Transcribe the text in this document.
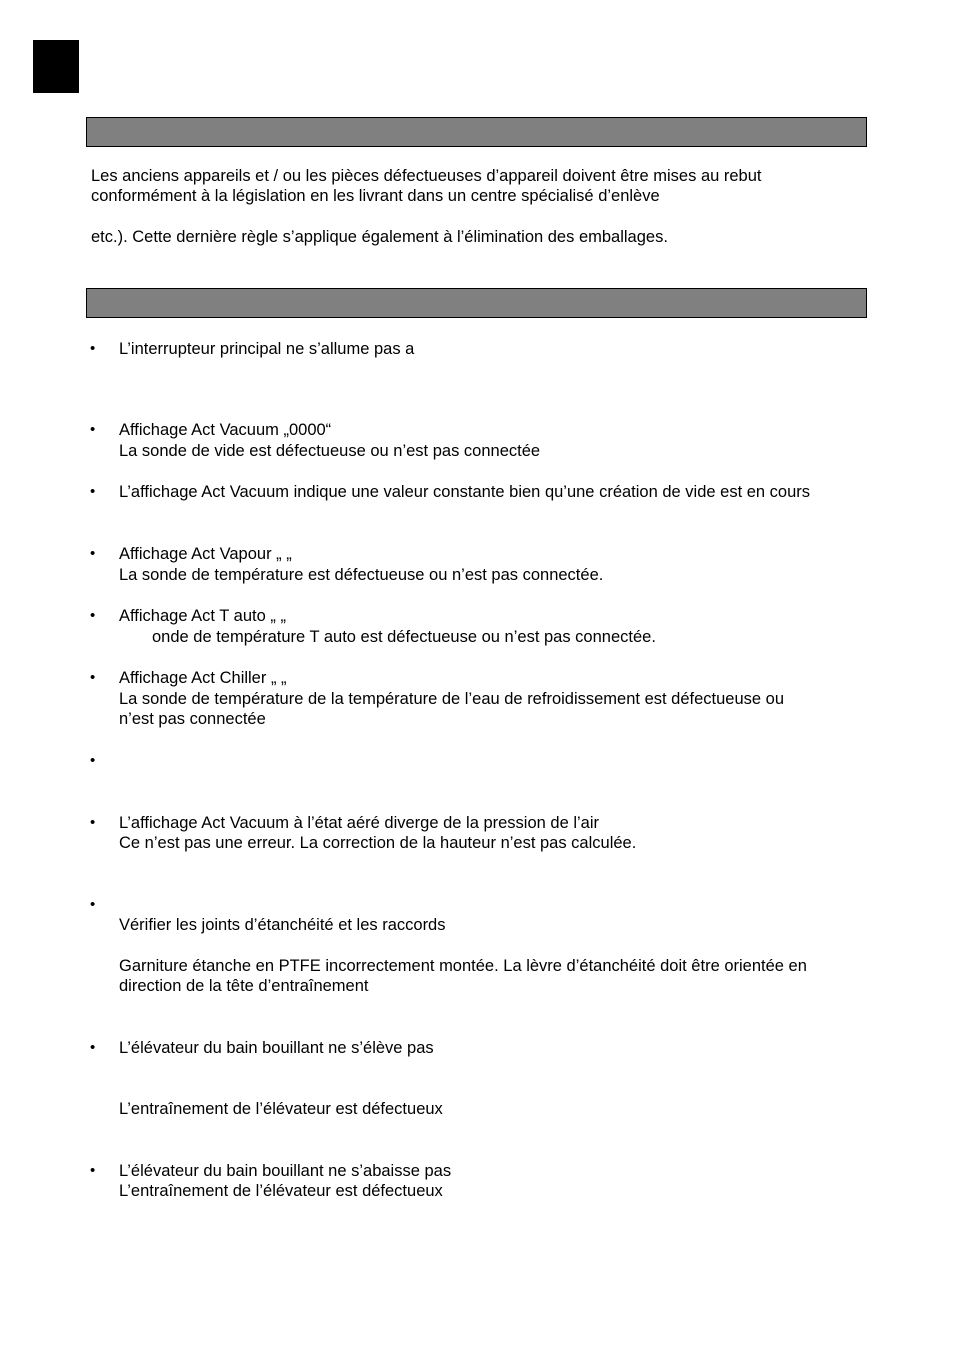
Les anciens appareils et / ou les pièces défectueuses d’appareil doivent être mises au rebut
conformément à la législation en les livrant dans un centre spécialisé d’enlève
etc.). Cette dernière règle s’applique également à l’élimination des emballages.
•
•
•
•
•
•
•
•
•
•
•
L’interrupteur principal ne s’allume pas a
Affichage Act Vacuum „0000“
La sonde de vide est défectueuse ou n’est pas connectée
L’affichage Act Vacuum indique une valeur constante bien qu’une création de vide est en cours
Affichage Act Vapour „ „
La sonde de température est défectueuse ou n’est pas connectée.
Affichage Act T auto „ „
onde de température T auto est défectueuse ou n’est pas connectée.
Affichage Act Chiller „ „
La sonde de température de la température de l’eau de refroidissement est défectueuse ou
n’est pas connectée
L’affichage Act Vacuum à l’état aéré diverge de la pression de l’air
Ce n’est pas une erreur. La correction de la hauteur n’est pas calculée.
Vérifier les joints d’étanchéité et les raccords
Garniture étanche en PTFE incorrectement montée. La lèvre d’étanchéité doit être orientée en
direction de la tête d’entraînement
L’élévateur du bain bouillant ne s’élève pas
L’entraînement de l’élévateur est défectueux
L’élévateur du bain bouillant ne s’abaisse pas
L’entraînement de l’élévateur est défectueux
